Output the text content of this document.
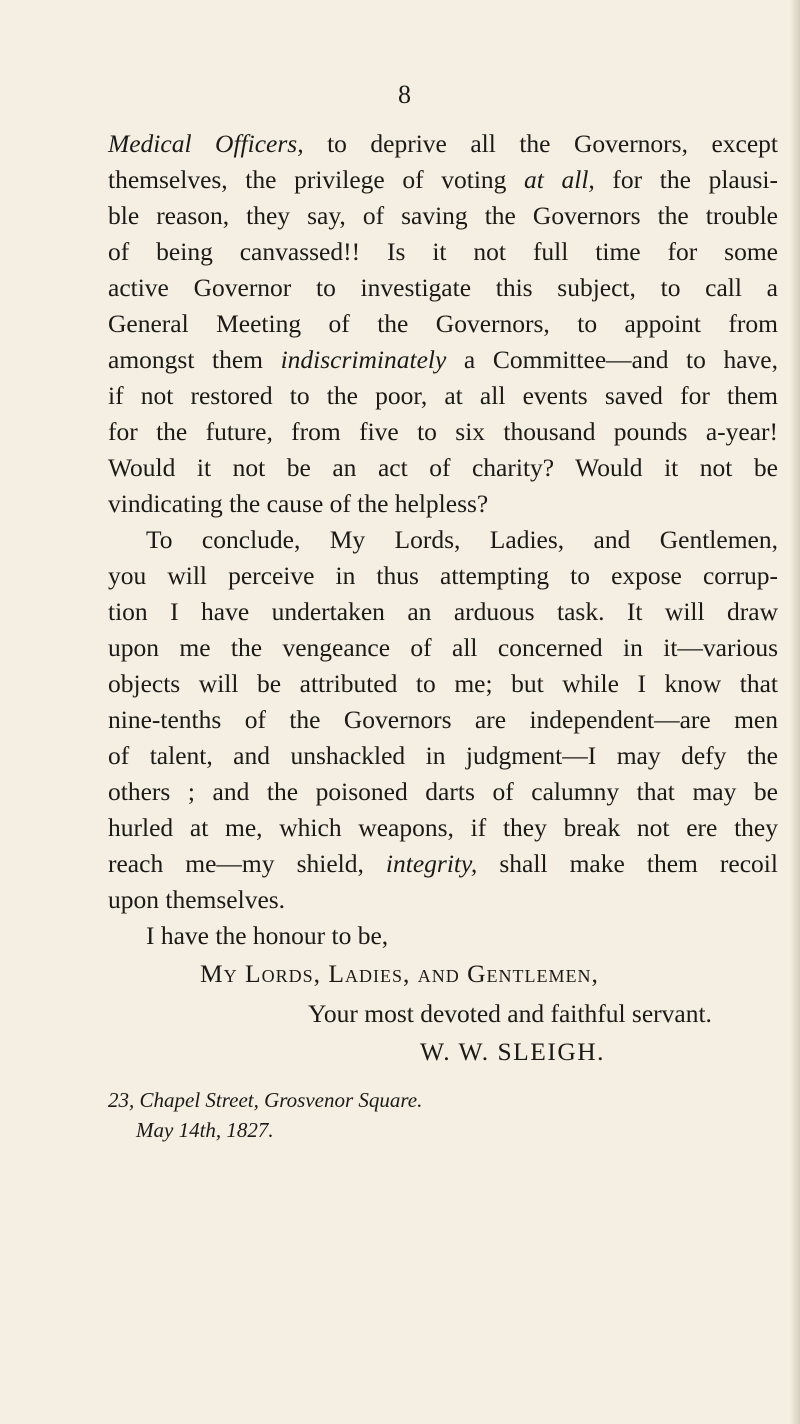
8
Medical Officers, to deprive all the Governors, except
themselves, the privilege of voting at all, for the plausi-
ble reason, they say, of saving the Governors the trouble
of being canvassed!! Is it not full time for some
active Governor to investigate this subject, to call a
General Meeting of the Governors, to appoint from
amongst them indiscriminately a Committee—and to have,
if not restored to the poor, at all events saved for them
for the future, from five to six thousand pounds a-year!
Would it not be an act of charity? Would it not be
vindicating the cause of the helpless?
To conclude, My Lords, Ladies, and Gentlemen,
you will perceive in thus attempting to expose corrup-
tion I have undertaken an arduous task. It will draw
upon me the vengeance of all concerned in it—various
objects will be attributed to me; but while I know that
nine-tenths of the Governors are independent—are men
of talent, and unshackled in judgment—I may defy the
others ; and the poisoned darts of calumny that may be
hurled at me, which weapons, if they break not ere they
reach me—my shield, integrity, shall make them recoil
upon themselves.
I have the honour to be,
My Lords, Ladies, and Gentlemen,
Your most devoted and faithful servant.
W. W. SLEIGH.
23, Chapel Street, Grosvenor Square.
May 14th, 1827.
